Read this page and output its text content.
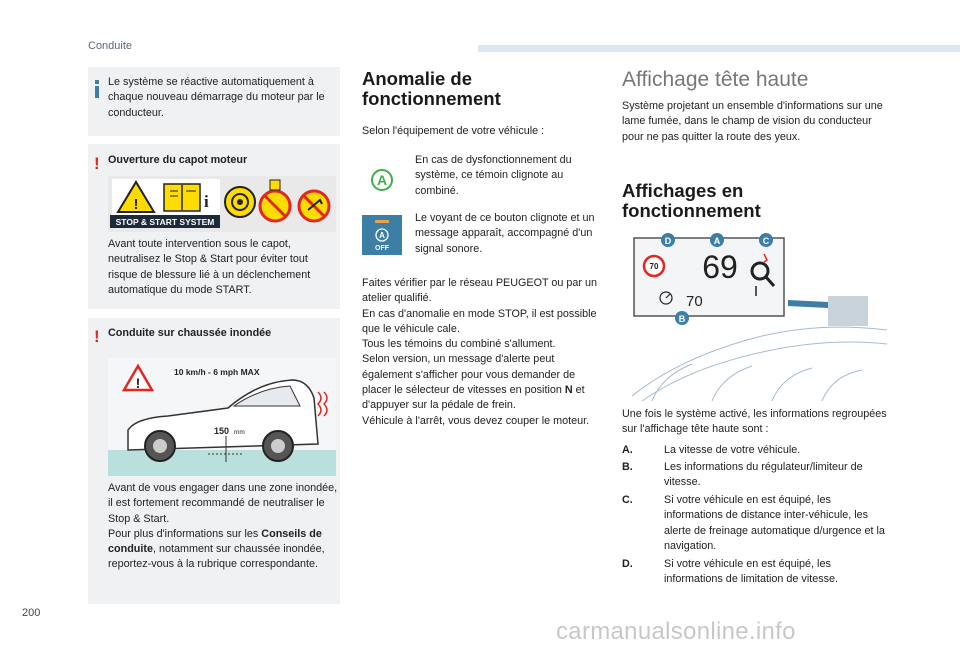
Conduite
Le système se réactive automatiquement à chaque nouveau démarrage du moteur par le conducteur.
! Ouverture du capot moteur
!	i
STOP & START SYSTEM
Avant toute intervention sous le capot, neutralisez le Stop & Start pour éviter tout risque de blessure lié à un déclenchement automatique du mode START.
! Conduite sur chaussée inondée
!
10 km/h - 6 mph MAX
150 mm
Avant de vous engager dans une zone inondée, il est fortement recommandé de neutraliser le Stop & Start.
Pour plus d'informations sur les Conseils de conduite, notamment sur chaussée inondée, reportez-vous à la rubrique correspondante.
Anomalie de fonctionnement
Selon l'équipement de votre véhicule :
A
En cas de dysfonctionnement du système, ce témoin clignote au combiné.
A
OFF
Le voyant de ce bouton clignote et un message apparaît, accompagné d'un signal sonore.
Faites vérifier par le réseau PEUGEOT ou par un atelier qualifié.
En cas d'anomalie en mode STOP, il est possible que le véhicule cale.
Tous les témoins du combiné s'allument.
Selon version, un message d'alerte peut également s'afficher pour vous demander de placer le sélecteur de vitesses en position N et d'appuyer sur la pédale de frein.
Véhicule à l'arrêt, vous devez couper le moteur.
Affichage tête haute
Système projetant un ensemble d'informations sur une lame fumée, dans le champ de vision du conducteur pour ne pas quitter la route des yeux.
Affichages en fonctionnement
70 69
70
D	A	C
B
Une fois le système activé, les informations regroupées sur l'affichage tête haute sont :
A.	La vitesse de votre véhicule.
B.	Les informations du régulateur/limiteur de vitesse.
C.	Si votre véhicule en est équipé, les informations de distance inter-véhicule, les alerte de freinage automatique d/urgence et la navigation.
D.	Si votre véhicule en est équipé, les informations de limitation de vitesse.
200
carmanualsonline.info
